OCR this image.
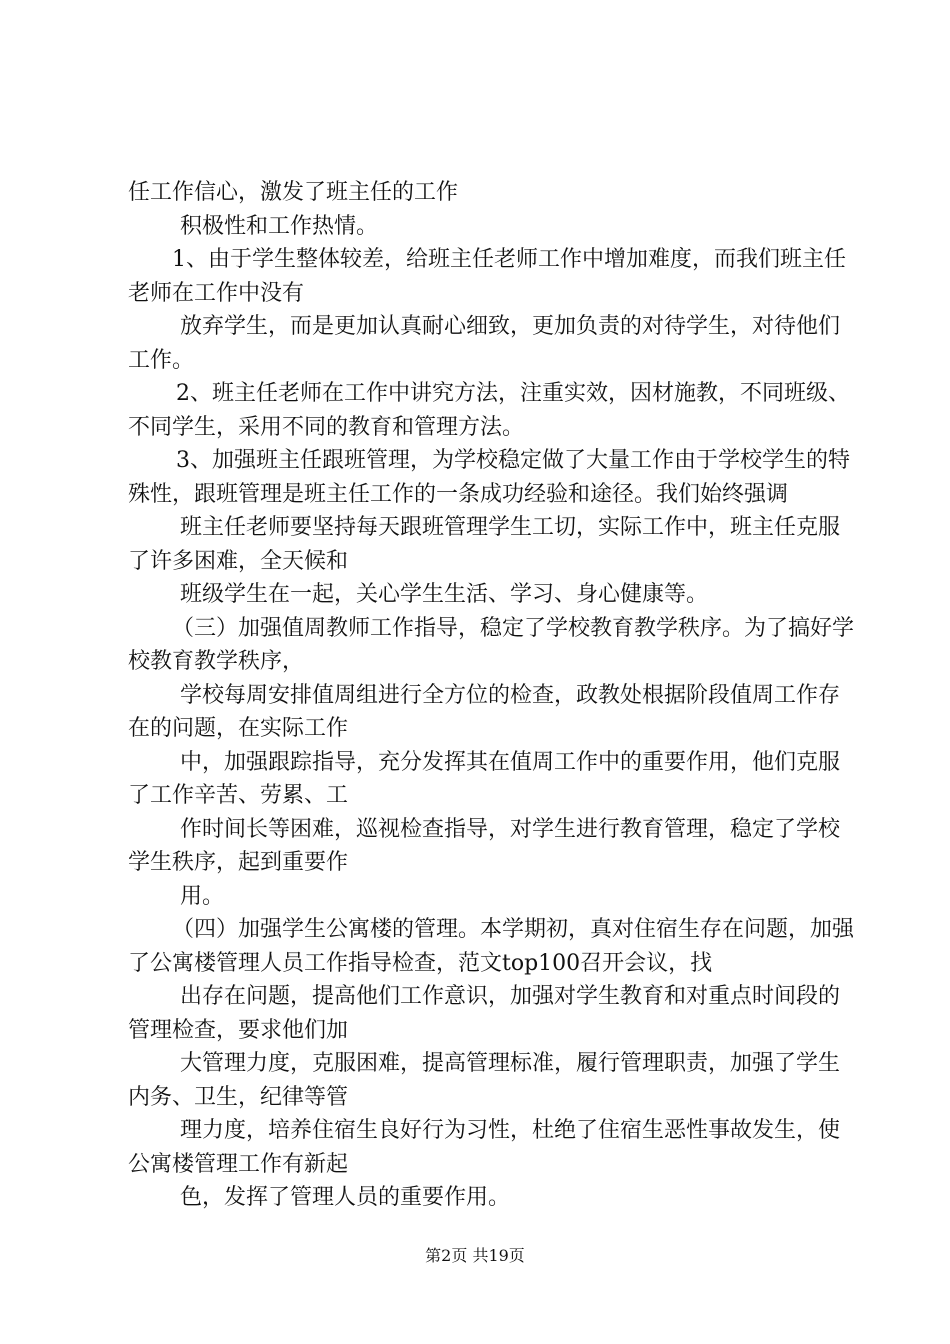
任工作信心，激发了班主任的工作

积极性和工作热情。

1、由于学生整体较差，给班主任老师工作中增加难度，而我们班主任老师在工作中没有

放弃学生，而是更加认真耐心细致，更加负责的对待学生，对待他们工作。

2、班主任老师在工作中讲究方法，注重实效，因材施教，不同班级、不同学生，采用不同的教育和管理方法。

3、加强班主任跟班管理，为学校稳定做了大量工作由于学校学生的特殊性，跟班管理是班主任工作的一条成功经验和途径。我们始终强调

班主任老师要坚持每天跟班管理学生工切，实际工作中，班主任克服了许多困难，全天候和

班级学生在一起，关心学生生活、学习、身心健康等。

（三）加强值周教师工作指导，稳定了学校教育教学秩序。为了搞好学校教育教学秩序，

学校每周安排值周组进行全方位的检查，政教处根据阶段值周工作存在的问题，在实际工作

中，加强跟踪指导，充分发挥其在值周工作中的重要作用，他们克服了工作辛苦、劳累、工

作时间长等困难，巡视检查指导，对学生进行教育管理，稳定了学校学生秩序，起到重要作

用。

（四）加强学生公寓楼的管理。本学期初，真对住宿生存在问题，加强了公寓楼管理人员工作指导检查，范文top100召开会议，找

出存在问题，提高他们工作意识，加强对学生教育和对重点时间段的管理检查，要求他们加

大管理力度，克服困难，提高管理标准，履行管理职责，加强了学生内务、卫生，纪律等管

理力度，培养住宿生良好行为习性，杜绝了住宿生恶性事故发生，使公寓楼管理工作有新起

色，发挥了管理人员的重要作用。

第2页 共19页
